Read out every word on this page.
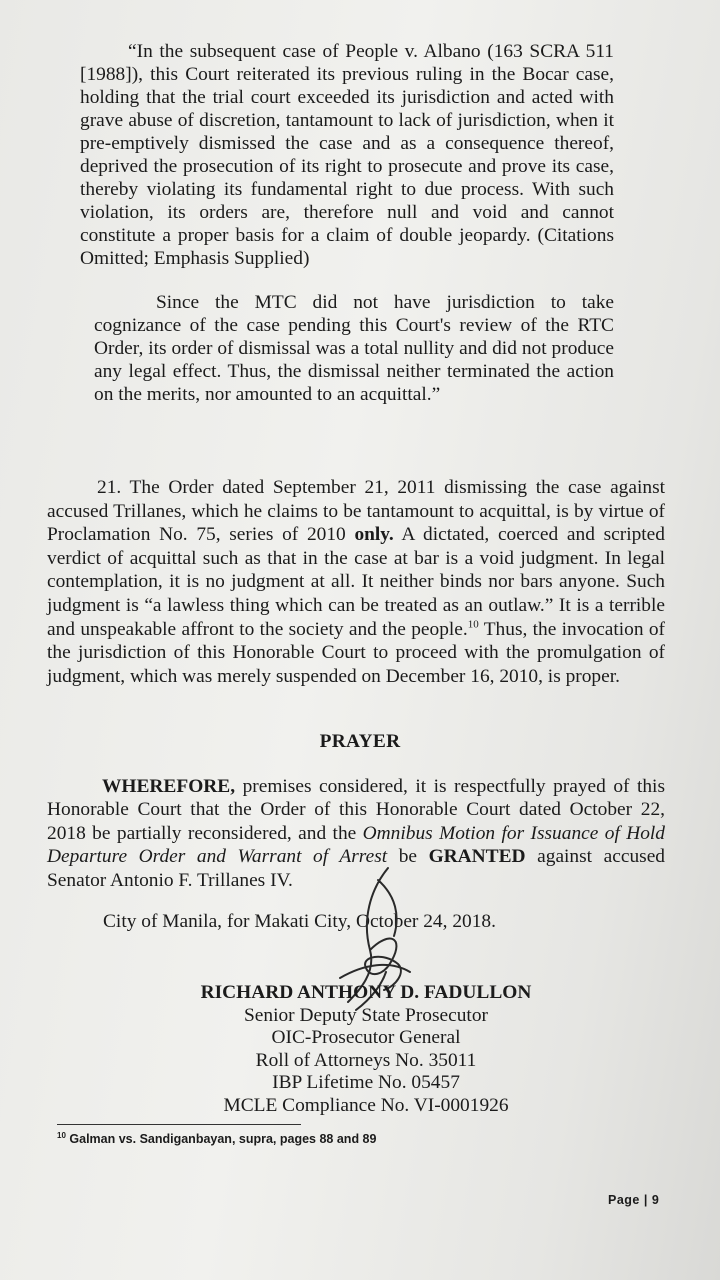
“In the subsequent case of People v. Albano (163 SCRA 511 [1988]), this Court reiterated its previous ruling in the Bocar case, holding that the trial court exceeded its jurisdiction and acted with grave abuse of discretion, tantamount to lack of jurisdiction, when it pre-emptively dismissed the case and as a consequence thereof, deprived the prosecution of its right to prosecute and prove its case, thereby violating its fundamental right to due process. With such violation, its orders are, therefore null and void and cannot constitute a proper basis for a claim of double jeopardy. (Citations Omitted; Emphasis Supplied)

Since the MTC did not have jurisdiction to take cognizance of the case pending this Court's review of the RTC Order, its order of dismissal was a total nullity and did not produce any legal effect. Thus, the dismissal neither terminated the action on the merits, nor amounted to an acquittal.”

21. The Order dated September 21, 2011 dismissing the case against accused Trillanes, which he claims to be tantamount to acquittal, is by virtue of Proclamation No. 75, series of 2010 only. A dictated, coerced and scripted verdict of acquittal such as that in the case at bar is a void judgment. In legal contemplation, it is no judgment at all. It neither binds nor bars anyone. Such judgment is “a lawless thing which can be treated as an outlaw.” It is a terrible and unspeakable affront to the society and the people.$^{10}$ Thus, the invocation of the jurisdiction of this Honorable Court to proceed with the promulgation of judgment, which was merely suspended on December 16, 2010, is proper.

PRAYER

WHEREFORE, premises considered, it is respectfully prayed of this Honorable Court that the Order of this Honorable Court dated October 22, 2018 be partially reconsidered, and the Omnibus Motion for Issuance of Hold Departure Order and Warrant of Arrest be GRANTED against accused Senator Antonio F. Trillanes IV.

City of Manila, for Makati City, October 24, 2018.
RICHARD ANTHONY D. FADULLON
Senior Deputy State Prosecutor
OIC-Prosecutor General
Roll of Attorneys No. 35011
IBP Lifetime No. 05457
MCLE Compliance No. VI-0001926
$^{10}$ Galman vs. Sandiganbayan, supra, pages 88 and 89
Page | 9
